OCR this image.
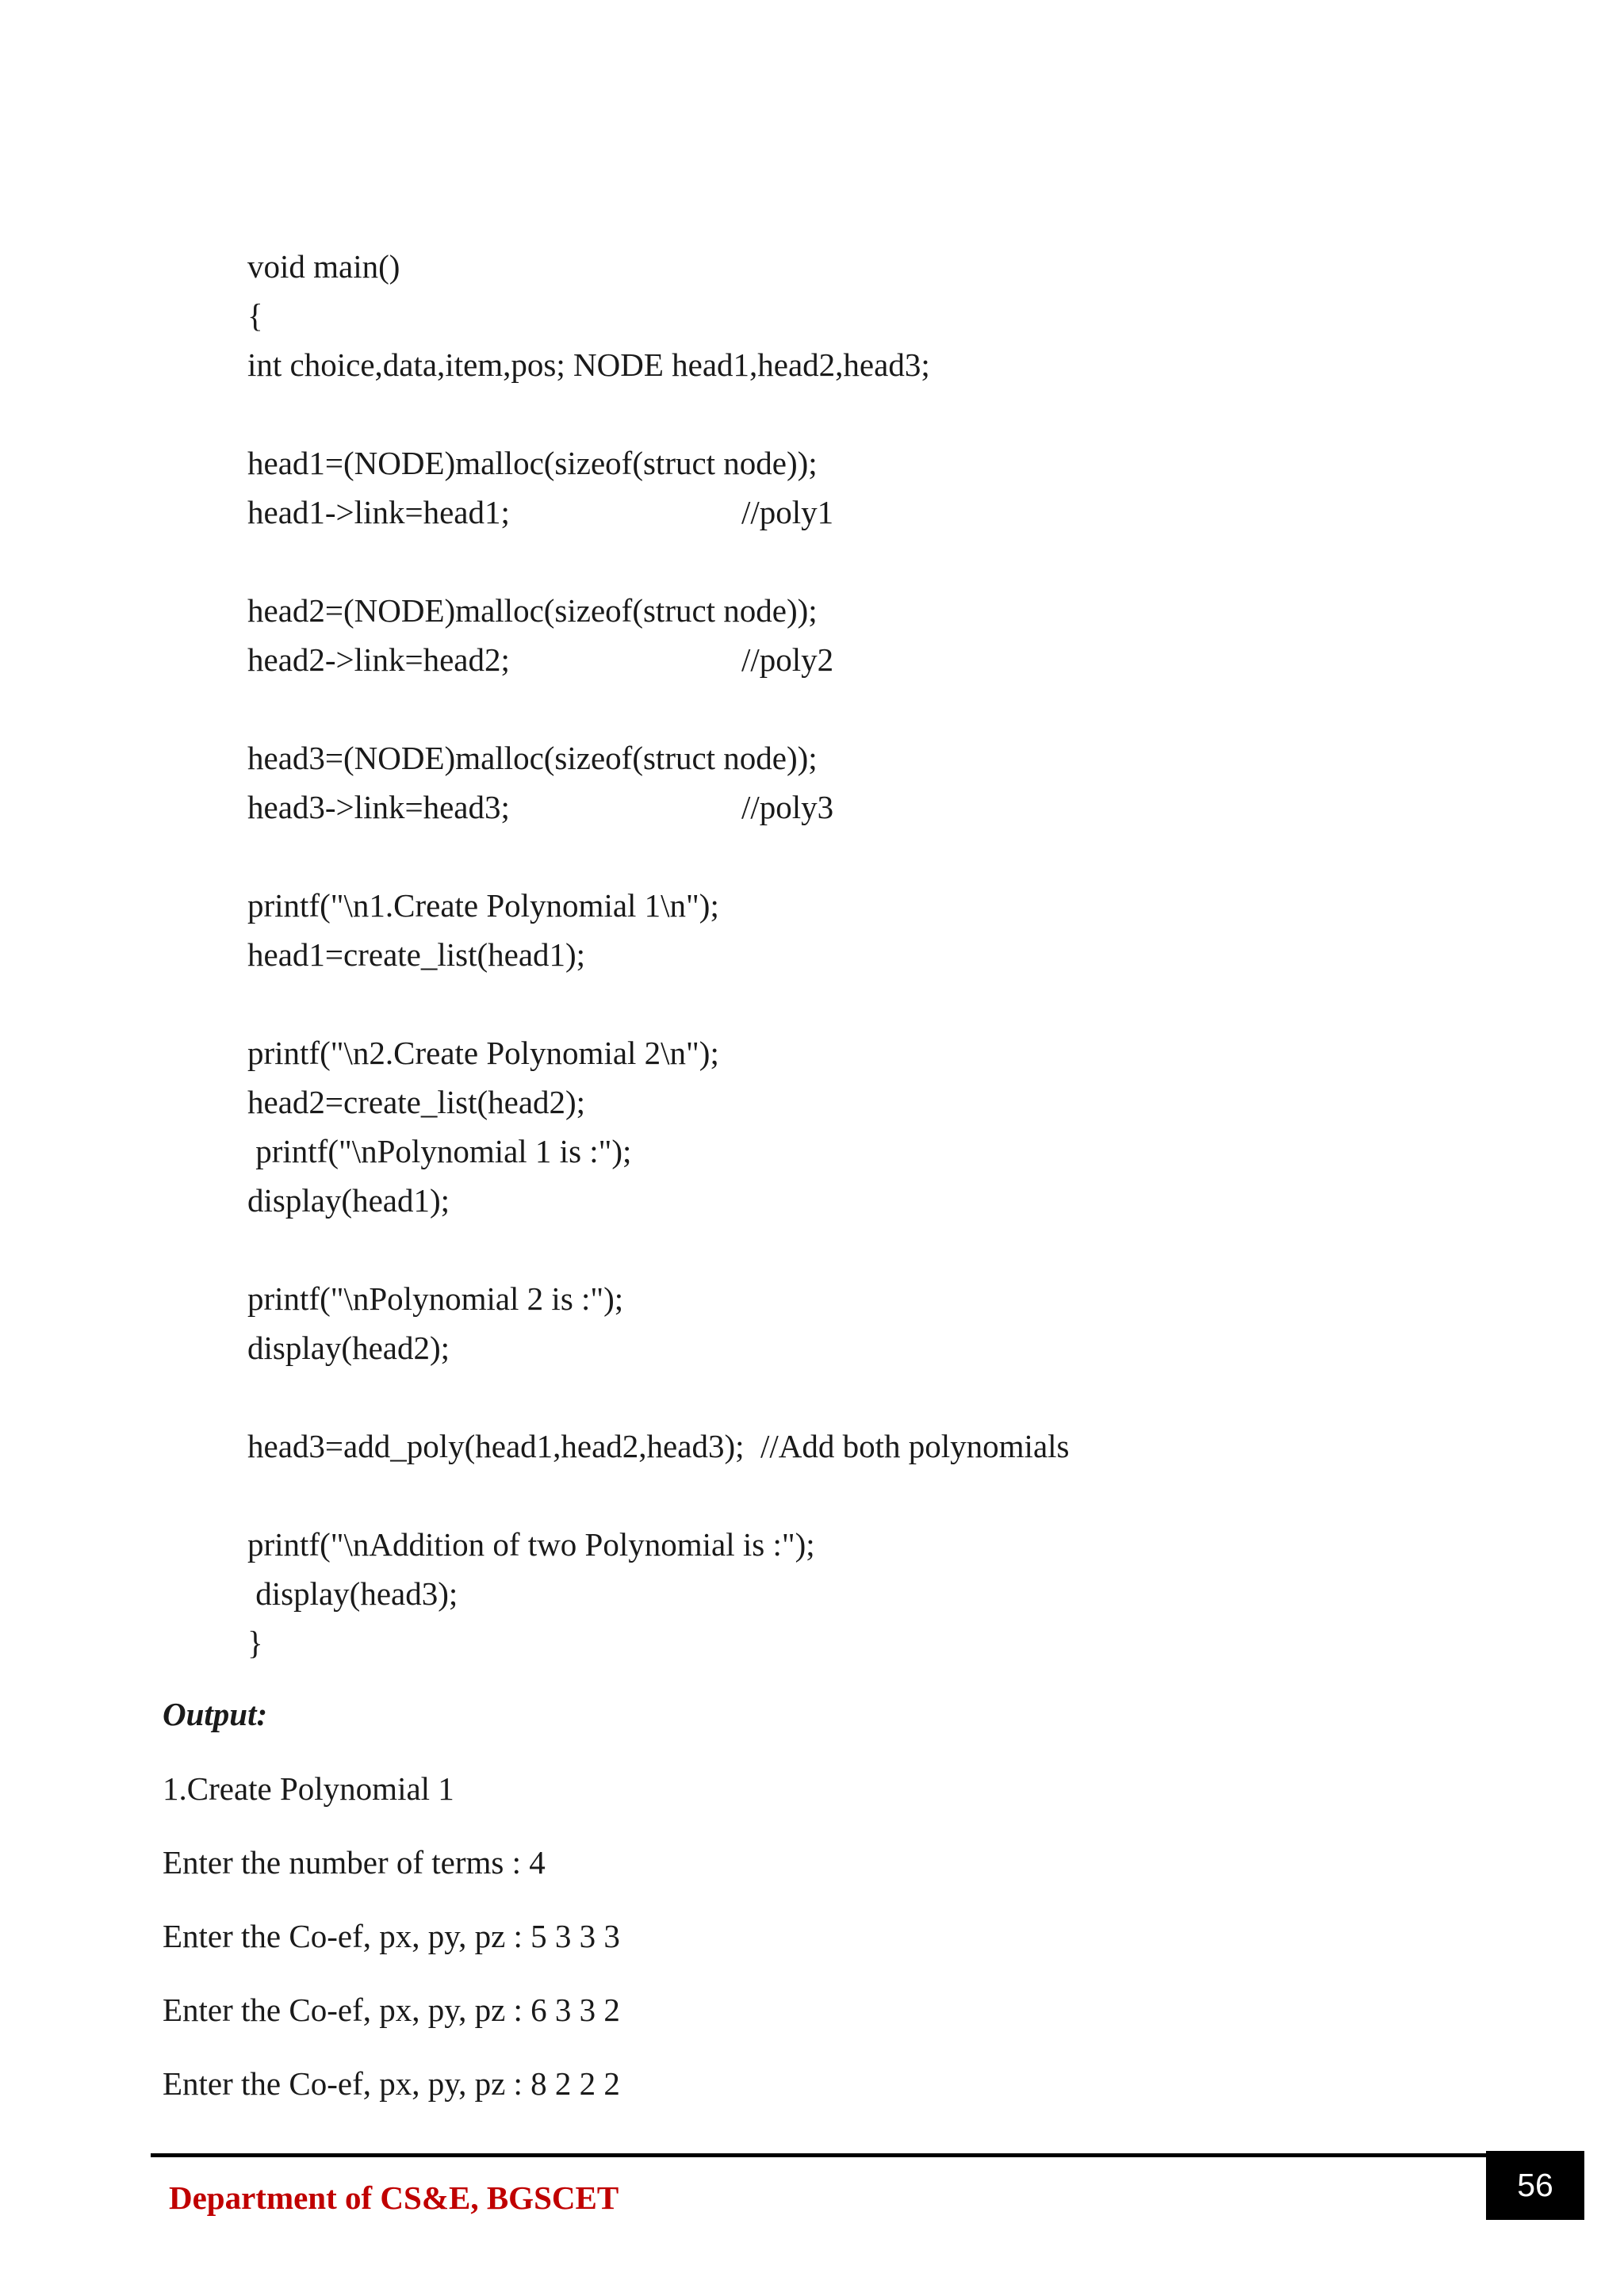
void main()
{
int choice,data,item,pos; NODE head1,head2,head3;
head1=(NODE)malloc(sizeof(struct node));
head1->link=head1;	//poly1
head2=(NODE)malloc(sizeof(struct node));
head2->link=head2;	//poly2
head3=(NODE)malloc(sizeof(struct node));
head3->link=head3;	//poly3
printf("\n1.Create Polynomial 1\n");
head1=create_list(head1);
printf("\n2.Create Polynomial 2\n");
head2=create_list(head2);
printf("\nPolynomial 1 is :");
display(head1);
printf("\nPolynomial 2 is :");
display(head2);
head3=add_poly(head1,head2,head3);  //Add both polynomials
printf("\nAddition of two Polynomial is :");
display(head3);
}
Output:
1.Create Polynomial 1
Enter the number of terms : 4
Enter the Co-ef, px, py, pz : 5 3 3 3
Enter the Co-ef, px, py, pz : 6 3 3 2
Enter the Co-ef, px, py, pz : 8 2 2 2
Department of CS&E, BGSCET	56
